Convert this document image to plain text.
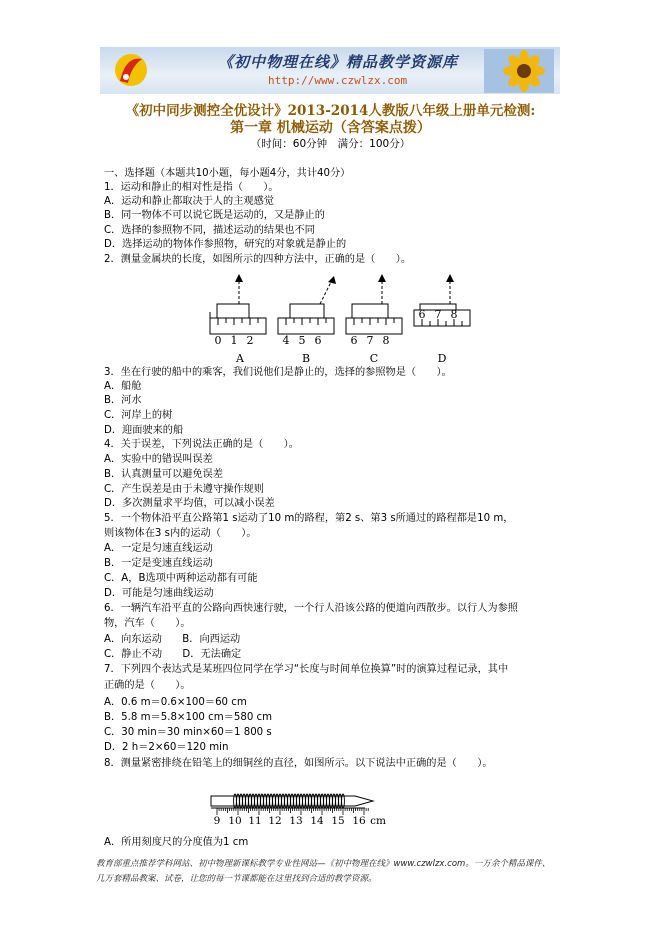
《初中物理在线》精品教学资源库
http://www.czwlzx.com
《初中同步测控全优设计》2013-2014人教版八年级上册单元检测:
第一章 机械运动（含答案点拨）
（时间：60分钟　满分：100分）
一、选择题（本题共10小题，每小题4分，共计40分）
1．运动和静止的相对性是指（　　）。
A．运动和静止都取决于人的主观感觉
B．同一物体不可以说它既是运动的，又是静止的
C．选择的参照物不同，描述运动的结果也不同
D．选择运动的物体作参照物，研究的对象就是静止的
2．测量金属块的长度，如图所示的四种方法中，正确的是（　　）。
0 1 2	4 5 6	6 7 8
6 7 8
A	B	C	D
3．坐在行驶的船中的乘客，我们说他们是静止的，选择的参照物是（　　）。
A．船舱
B．河水
C．河岸上的树
D．迎面驶来的船
4．关于误差，下列说法正确的是（　　）。
A．实验中的错误叫误差
B．认真测量可以避免误差
C．产生误差是由于未遵守操作规则
D．多次测量求平均值，可以减小误差
5．一个物体沿平直公路第1 s运动了10 m的路程，第2 s、第3 s所通过的路程都是10 m，
则该物体在3 s内的运动（　　）。
A．一定是匀速直线运动
B．一定是变速直线运动
C．A，B选项中两种运动都有可能
D．可能是匀速曲线运动
6．一辆汽车沿平直的公路向西快速行驶，一个行人沿该公路的便道向西散步。以行人为参照
物，汽车（　　）。
A．向东运动　　B．向西运动
C．静止不动　　D．无法确定
7．下列四个表达式是某班四位同学在学习“长度与时间单位换算”时的演算过程记录，其中
正确的是（　　）。
A．0.6 m＝0.6×100＝60 cm
B．5.8 m＝5.8×100 cm＝580 cm
C．30 min＝30 min×60＝1 800 s
D．2 h＝2×60＝120 min
8．测量紧密排绕在铅笔上的细铜丝的直径，如图所示。以下说法中正确的是（　　）。
9 10 11 12 13 14 15 16 cm
A．所用刻度尺的分度值为1 cm
教育部重点推荐学科网站、初中物理新课标教学专业性网站—《初中物理在线》www.czwlzx.com。一万余个精品课件、
几万套精品教案、试卷，让您的每一节课都能在这里找到合适的教学资源。
